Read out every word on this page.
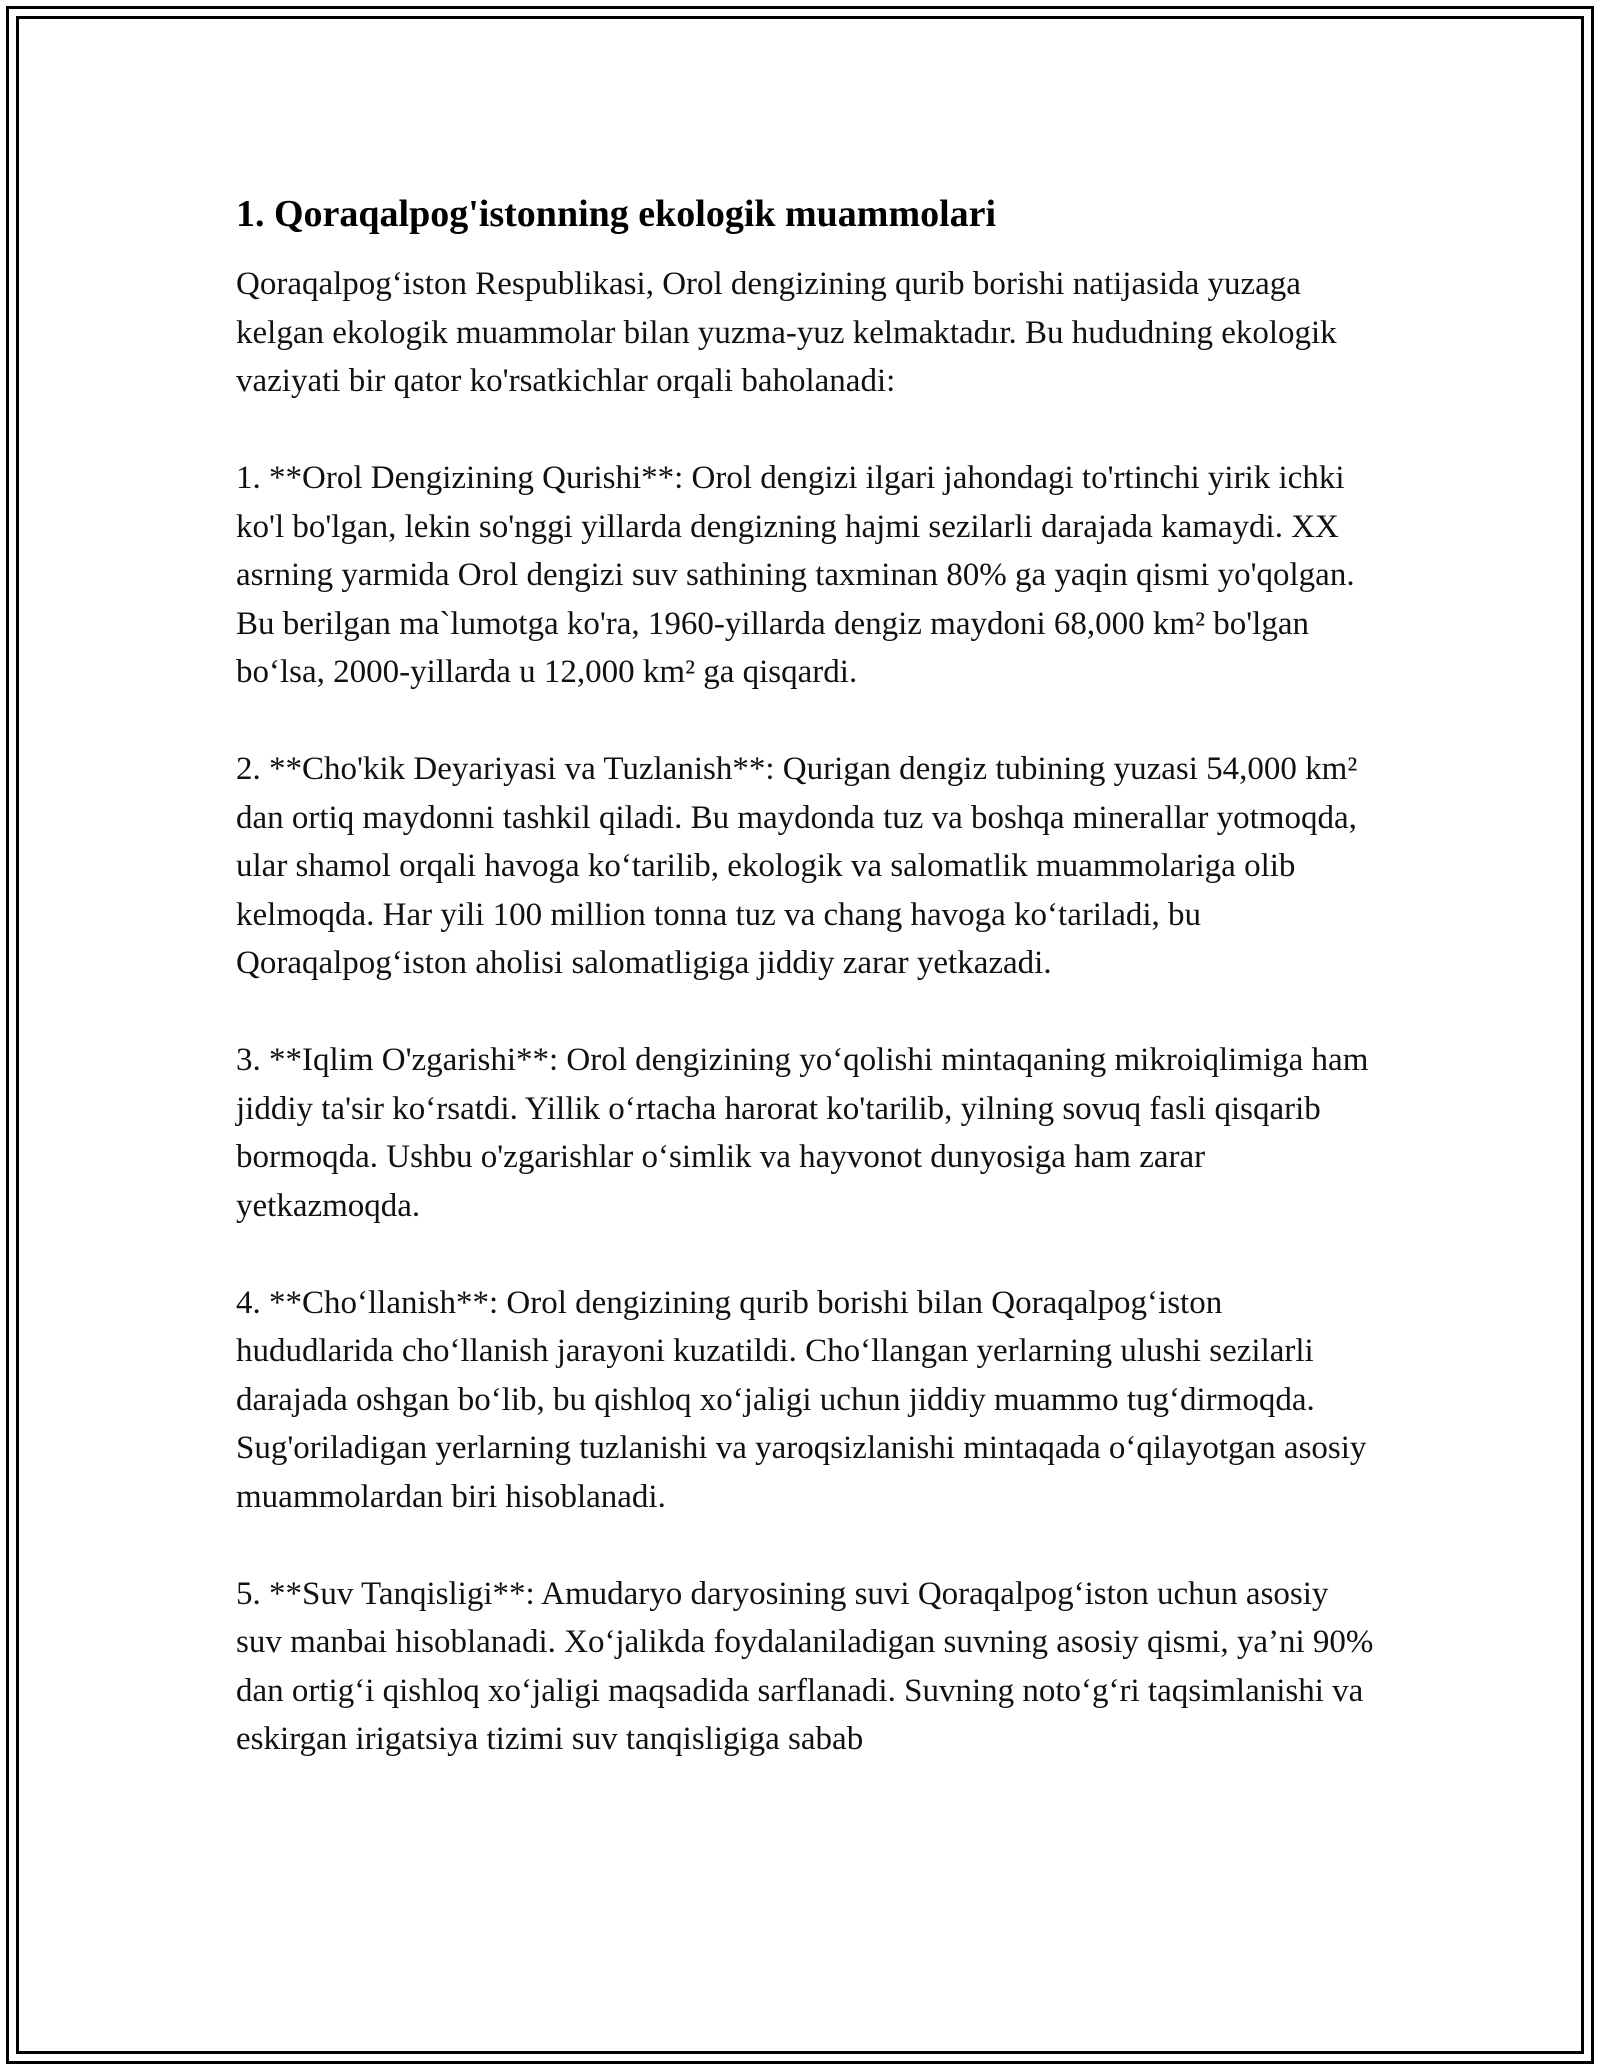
1. Qoraqalpog'istonning ekologik muammolari

Qoraqalpog‘iston Respublikasi, Orol dengizining qurib borishi natijasida yuzaga kelgan ekologik muammolar bilan yuzma-yuz kelmaktadır. Bu hududning ekologik vaziyati bir qator ko'rsatkichlar orqali baholanadi:

1. **Orol Dengizining Qurishi**: Orol dengizi ilgari jahondagi to'rtinchi yirik ichki ko'l bo'lgan, lekin so'nggi yillarda dengizning hajmi sezilarli darajada kamaydi. XX asrning yarmida Orol dengizi suv sathining taxminan 80% ga yaqin qismi yo'qolgan. Bu berilgan ma`lumotga ko'ra, 1960-yillarda dengiz maydoni 68,000 km² bo'lgan bo‘lsa, 2000-yillarda u 12,000 km² ga qisqardi.

2. **Cho'kik Deyariyasi va Tuzlanish**: Qurigan dengiz tubining yuzasi 54,000 km² dan ortiq maydonni tashkil qiladi. Bu maydonda tuz va boshqa minerallar yotmoqda, ular shamol orqali havoga ko‘tarilib, ekologik va salomatlik muammolariga olib kelmoqda. Har yili 100 million tonna tuz va chang havoga ko‘tariladi, bu Qoraqalpog‘iston aholisi salomatligiga jiddiy zarar yetkazadi.

3. **Iqlim O'zgarishi**: Orol dengizining yo‘qolishi mintaqaning mikroiqlimiga ham jiddiy ta'sir ko‘rsatdi. Yillik o‘rtacha harorat ko'tarilib, yilning sovuq fasli qisqarib bormoqda. Ushbu o'zgarishlar o‘simlik va hayvonot dunyosiga ham zarar yetkazmoqda.

4. **Cho‘llanish**: Orol dengizining qurib borishi bilan Qoraqalpog‘iston hududlarida cho‘llanish jarayoni kuzatildi. Cho‘llangan yerlarning ulushi sezilarli darajada oshgan bo‘lib, bu qishloq xo‘jaligi uchun jiddiy muammo tug‘dirmoqda. Sug'oriladigan yerlarning tuzlanishi va yaroqsizlanishi mintaqada o‘qilayotgan asosiy muammolardan biri hisoblanadi.

5. **Suv Tanqisligi**: Amudaryo daryosining suvi Qoraqalpog‘iston uchun asosiy suv manbai hisoblanadi. Xo‘jalikda foydalaniladigan suvning asosiy qismi, ya’ni 90% dan ortig‘i qishloq xo‘jaligi maqsadida sarflanadi. Suvning noto‘g‘ri taqsimlanishi va eskirgan irigatsiya tizimi suv tanqisligiga sabab
